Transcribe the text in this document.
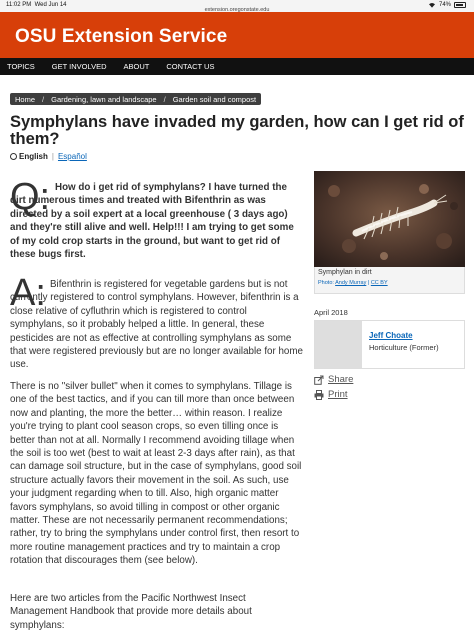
11:02 PM Wed Jun 14
extension.oregonstate.edu
74%
OSU Extension Service
TOPICS GET INVOLVED ABOUT CONTACT US
Home / Gardening, lawn and landscape / Garden soil and compost
Symphylans have invaded my garden, how can I get rid of them?
English | Español
Q: How do i get rid of symphylans? I have turned the dirt numerous times and treated with Bifenthrin as was directed by a soil expert at a local greenhouse ( 3 days ago) and they're still alive and well. Help!!! I am trying to get some of my cold crop starts in the ground, but want to get rid of these bugs first.

A: Bifenthrin is registered for vegetable gardens but is not currently registered to control symphylans. However, bifenthrin is a close relative of cyfluthrin which is registered to control symphylans, so it probably helped a little. In general, these pesticides are not as effective at controlling symphylans as some that were registered previously but are no longer available for home use.

There is no "silver bullet" when it comes to symphylans. Tillage is one of the best tactics, and if you can till more than once between now and planting, the more the better… within reason. I realize you're trying to plant cool season crops, so even tilling once is better than not at all. Normally I recommend avoiding tillage when the soil is too wet (best to wait at least 2-3 days after rain), as that can damage soil structure, but in the case of symphylans, good soil structure actually favors their movement in the soil. As such, use your judgment regarding when to till. Also, high organic matter favors symphylans, so avoid tilling in compost or other organic matter. These are not necessarily permanent recommendations; rather, try to bring the symphylans under control first, then resort to more routine management practices and try to maintain a crop rotation that discourages them (see below).

Here are two articles from the Pacific Northwest Insect Management Handbook that provide more details about symphylans:

Symphylan in dirt
Photo: Andy Murray | CC BY
April 2018
Jeff Choate
Horticulture (Former)
Share
Print
